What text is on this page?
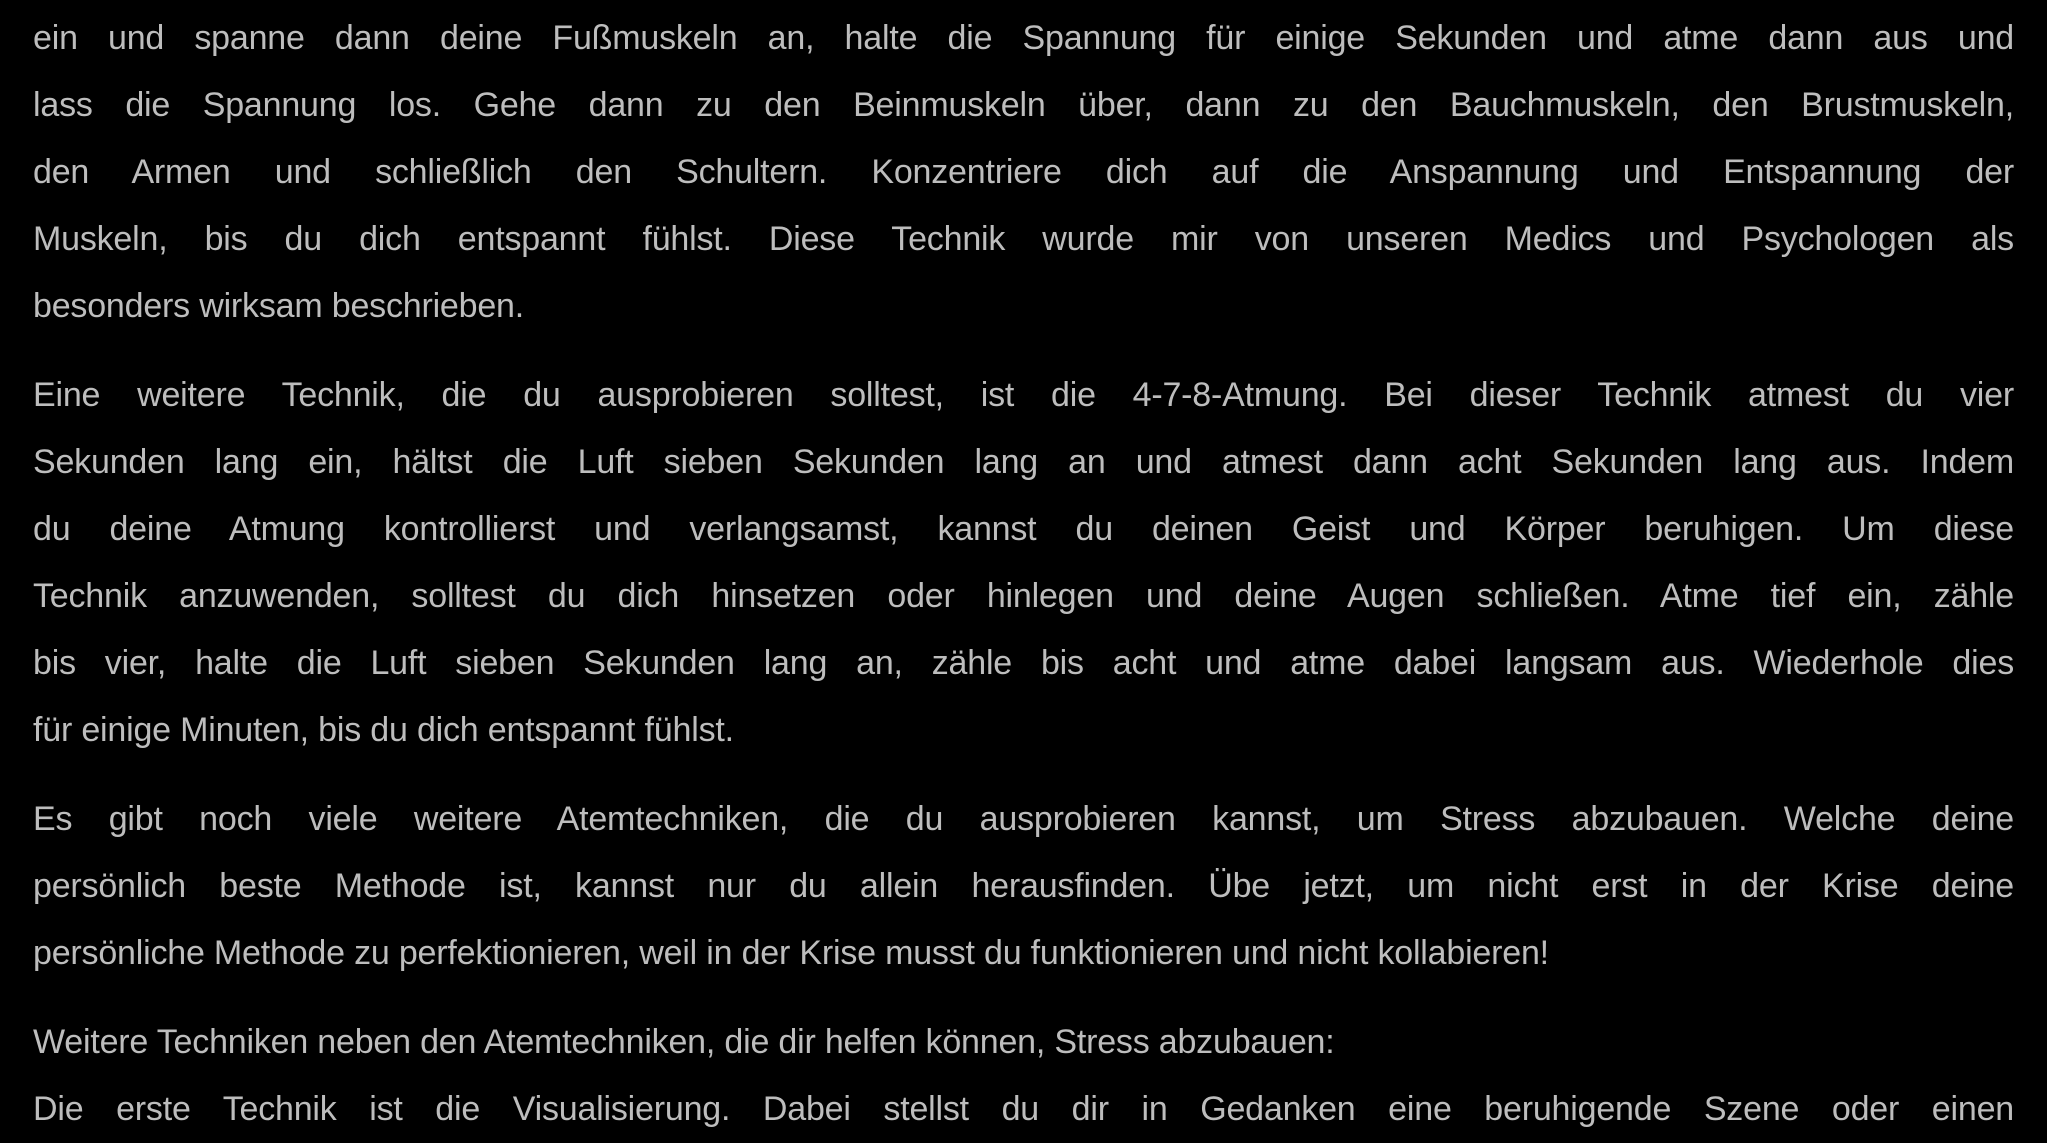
ein und spanne dann deine Fußmuskeln an, halte die Spannung für einige Sekunden und atme dann aus und
lass die Spannung los. Gehe dann zu den Beinmuskeln über, dann zu den Bauchmuskeln, den Brustmuskeln,
den Armen und schließlich den Schultern. Konzentriere dich auf die Anspannung und Entspannung der
Muskeln, bis du dich entspannt fühlst. Diese Technik wurde mir von unseren Medics und Psychologen als
besonders wirksam beschrieben.
Eine weitere Technik, die du ausprobieren solltest, ist die 4-7-8-Atmung. Bei dieser Technik atmest du vier
Sekunden lang ein, hältst die Luft sieben Sekunden lang an und atmest dann acht Sekunden lang aus. Indem
du deine Atmung kontrollierst und verlangsamst, kannst du deinen Geist und Körper beruhigen. Um diese
Technik anzuwenden, solltest du dich hinsetzen oder hinlegen und deine Augen schließen. Atme tief ein, zähle
bis vier, halte die Luft sieben Sekunden lang an, zähle bis acht und atme dabei langsam aus. Wiederhole dies
für einige Minuten, bis du dich entspannt fühlst.
Es gibt noch viele weitere Atemtechniken, die du ausprobieren kannst, um Stress abzubauen. Welche deine
persönlich beste Methode ist, kannst nur du allein herausfinden. Übe jetzt, um nicht erst in der Krise deine
persönliche Methode zu perfektionieren, weil in der Krise musst du funktionieren und nicht kollabieren!
Weitere Techniken neben den Atemtechniken, die dir helfen können, Stress abzubauen:
Die erste Technik ist die Visualisierung. Dabei stellst du dir in Gedanken eine beruhigende Szene oder einen
